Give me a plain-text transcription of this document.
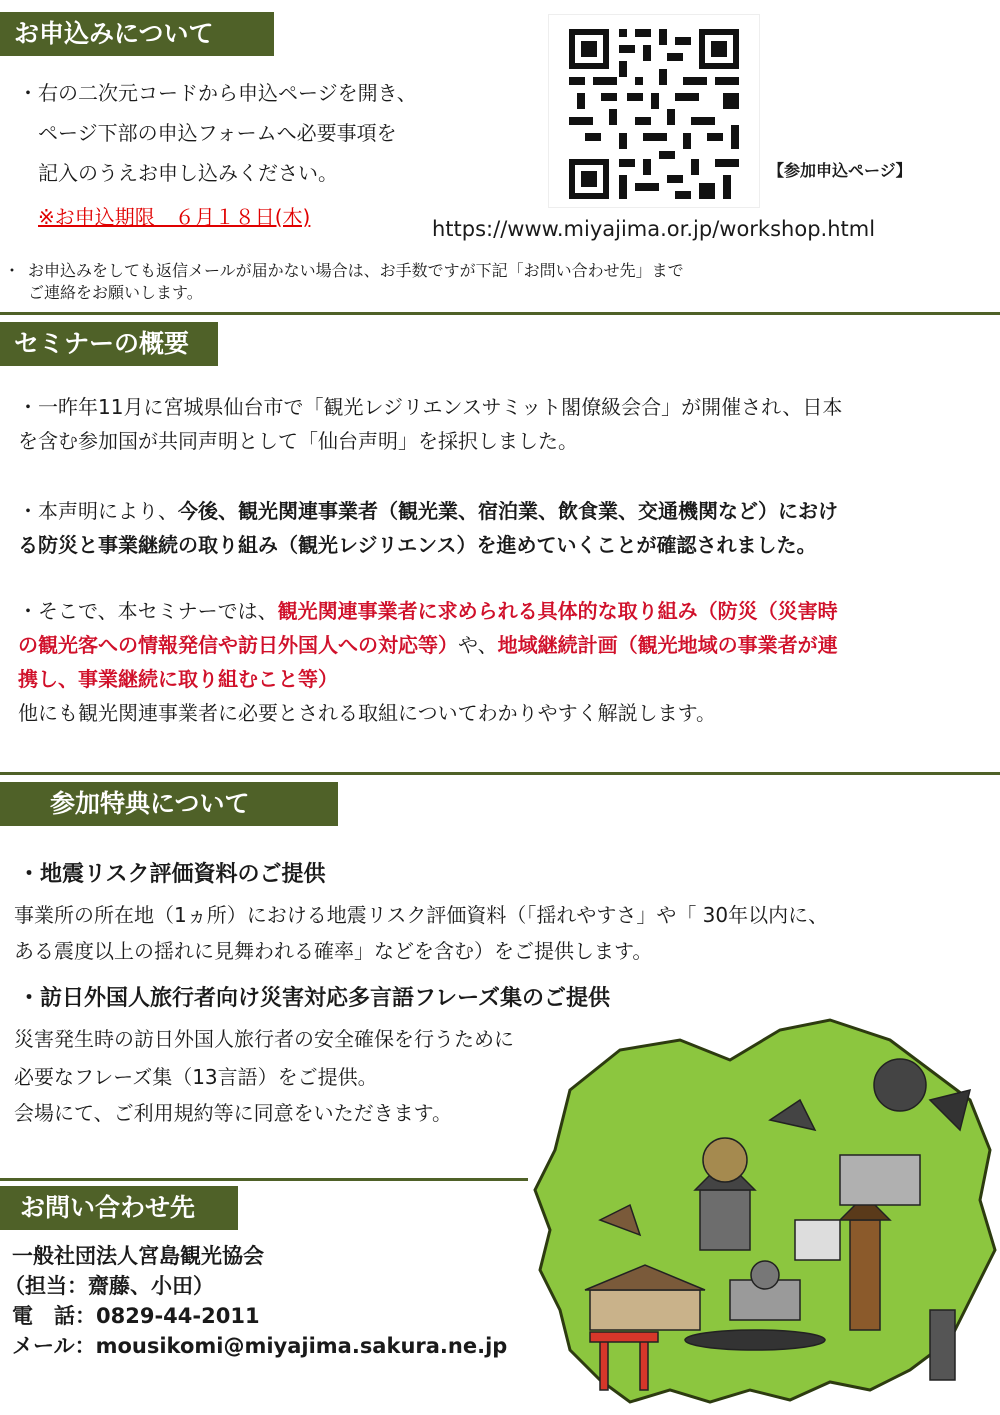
お申込みについて
・右の二次元コードから申込ページを開き、
ページ下部の申込フォームへ必要事項を
記入のうえお申し込みください。
※お申込期限　６月１８日(木)
【参加申込ページ】
https://www.miyajima.or.jp/workshop.html
・ お申込みをしても返信メールが届かない場合は、お手数ですが下記「お問い合わせ先」まで
ご連絡をお願いします。
セミナーの概要
・一昨年11月に宮城県仙台市で「観光レジリエンスサミット閣僚級会合」が開催され、日本
を含む参加国が共同声明として「仙台声明」を採択しました。
・本声明により、今後、観光関連事業者（観光業、宿泊業、飲食業、交通機関など）におけ
る防災と事業継続の取り組み（観光レジリエンス）を進めていくことが確認されました。
・そこで、本セミナーでは、観光関連事業者に求められる具体的な取り組み（防災（災害時
の観光客への情報発信や訪日外国人への対応等）や、地域継続計画（観光地域の事業者が連
携し、事業継続に取り組むこと等）
他にも観光関連事業者に必要とされる取組についてわかりやすく解説します。
参加特典について
・地震リスク評価資料のご提供
事業所の所在地（1ヵ所）における地震リスク評価資料（「揺れやすさ」や「 30年以内に、
ある震度以上の揺れに見舞われる確率」などを含む）をご提供します。
・訪日外国人旅行者向け災害対応多言語フレーズ集のご提供
災害発生時の訪日外国人旅行者の安全確保を行うために
必要なフレーズ集（13言語）をご提供。
会場にて、ご利用規約等に同意をいただきます。
お問い合わせ先
一般社団法人宮島観光協会
（担当：齋藤、小田）
電　話：0829-44-2011
メール：mousikomi@miyajima.sakura.ne.jp
